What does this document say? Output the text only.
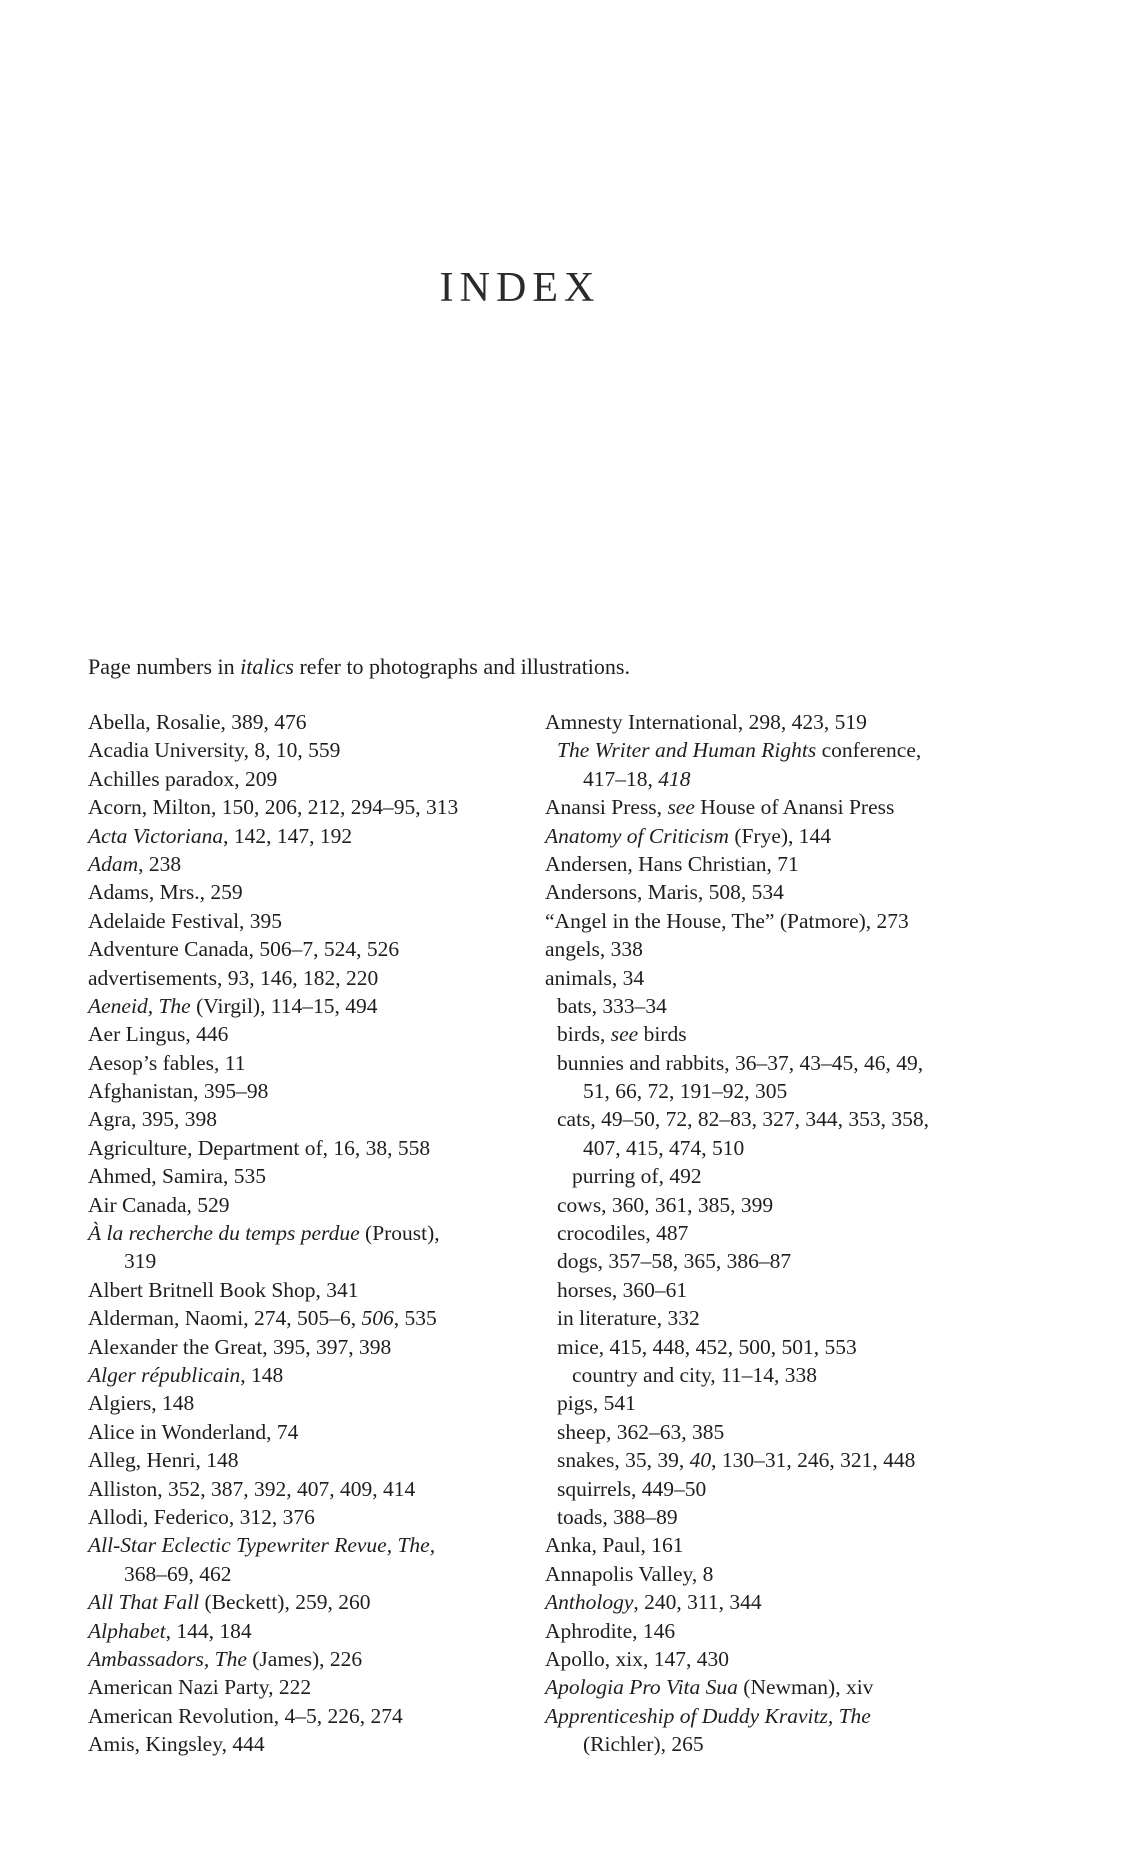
INDEX
Page numbers in italics refer to photographs and illustrations.
Abella, Rosalie, 389, 476
Acadia University, 8, 10, 559
Achilles paradox, 209
Acorn, Milton, 150, 206, 212, 294–95, 313
Acta Victoriana, 142, 147, 192
Adam, 238
Adams, Mrs., 259
Adelaide Festival, 395
Adventure Canada, 506–7, 524, 526
advertisements, 93, 146, 182, 220
Aeneid, The (Virgil), 114–15, 494
Aer Lingus, 446
Aesop’s fables, 11
Afghanistan, 395–98
Agra, 395, 398
Agriculture, Department of, 16, 38, 558
Ahmed, Samira, 535
Air Canada, 529
À la recherche du temps perdue (Proust),
319
Albert Britnell Book Shop, 341
Alderman, Naomi, 274, 505–6, 506, 535
Alexander the Great, 395, 397, 398
Alger républicain, 148
Algiers, 148
Alice in Wonderland, 74
Alleg, Henri, 148
Alliston, 352, 387, 392, 407, 409, 414
Allodi, Federico, 312, 376
All-Star Eclectic Typewriter Revue, The,
368–69, 462
All That Fall (Beckett), 259, 260
Alphabet, 144, 184
Ambassadors, The (James), 226
American Nazi Party, 222
American Revolution, 4–5, 226, 274
Amis, Kingsley, 444
Amnesty International, 298, 423, 519
The Writer and Human Rights conference,
417–18, 418
Anansi Press, see House of Anansi Press
Anatomy of Criticism (Frye), 144
Andersen, Hans Christian, 71
Andersons, Maris, 508, 534
“Angel in the House, The” (Patmore), 273
angels, 338
animals, 34
bats, 333–34
birds, see birds
bunnies and rabbits, 36–37, 43–45, 46, 49,
51, 66, 72, 191–92, 305
cats, 49–50, 72, 82–83, 327, 344, 353, 358,
407, 415, 474, 510
purring of, 492
cows, 360, 361, 385, 399
crocodiles, 487
dogs, 357–58, 365, 386–87
horses, 360–61
in literature, 332
mice, 415, 448, 452, 500, 501, 553
country and city, 11–14, 338
pigs, 541
sheep, 362–63, 385
snakes, 35, 39, 40, 130–31, 246, 321, 448
squirrels, 449–50
toads, 388–89
Anka, Paul, 161
Annapolis Valley, 8
Anthology, 240, 311, 344
Aphrodite, 146
Apollo, xix, 147, 430
Apologia Pro Vita Sua (Newman), xiv
Apprenticeship of Duddy Kravitz, The
(Richler), 265
